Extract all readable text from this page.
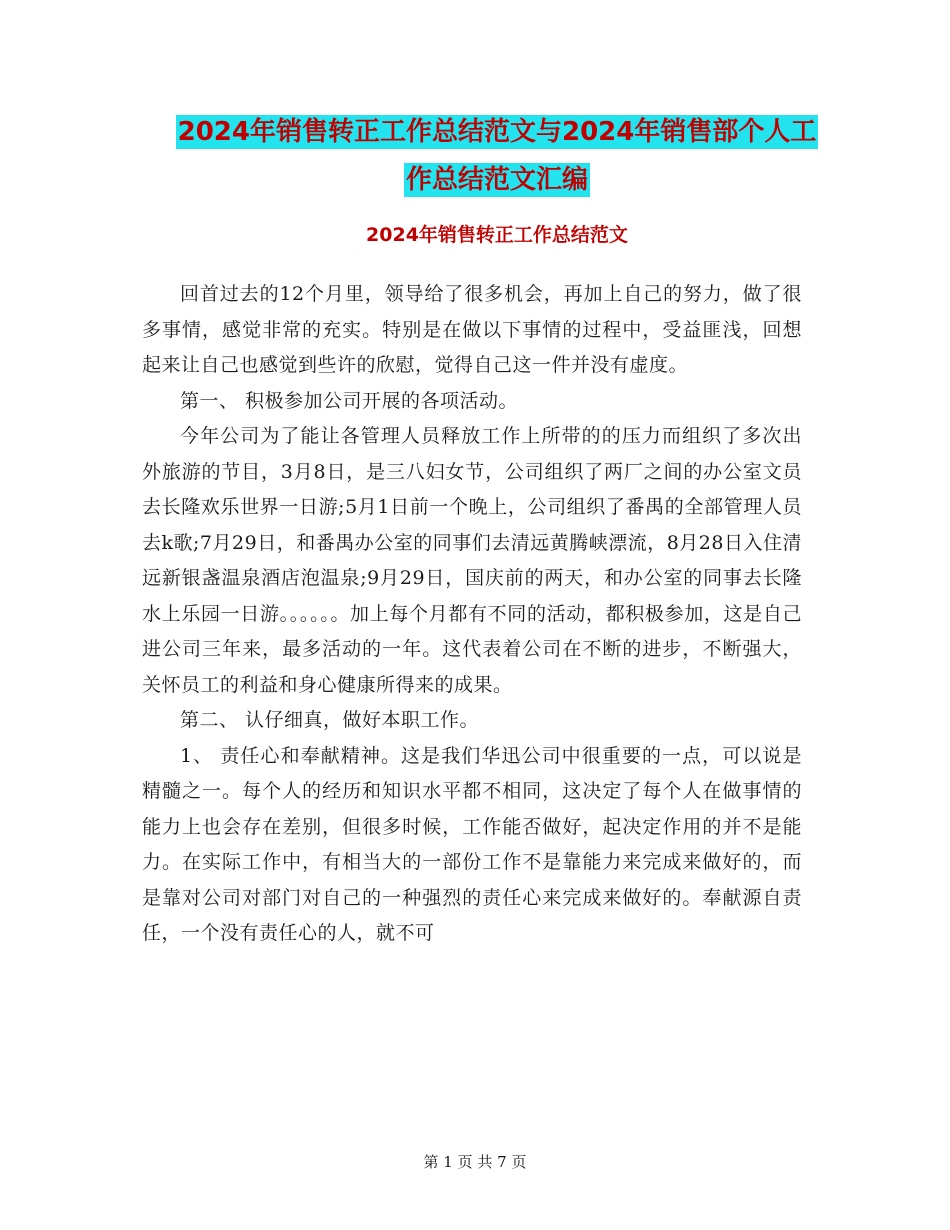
2024年销售转正工作总结范文与2024年销售部个人工
作总结范文汇编
2024年销售转正工作总结范文

回首过去的12个月里，领导给了很多机会，再加上自己的努力，做了很多事情，感觉非常的充实。特别是在做以下事情的过程中，受益匪浅，回想起来让自己也感觉到些许的欣慰，觉得自己这一件并没有虚度。

第一、 积极参加公司开展的各项活动。

今年公司为了能让各管理人员释放工作上所带的的压力而组织了多次出外旅游的节目，3月8日，是三八妇女节，公司组织了两厂之间的办公室文员去长隆欢乐世界一日游;5月1日前一个晚上，公司组织了番禺的全部管理人员去k歌;7月29日，和番禺办公室的同事们去清远黄腾峡漂流，8月28日入住清远新银盏温泉酒店泡温泉;9月29日，国庆前的两天，和办公室的同事去长隆水上乐园一日游。。。。。。加上每个月都有不同的活动，都积极参加，这是自己进公司三年来，最多活动的一年。这代表着公司在不断的进步，不断强大，关怀员工的利益和身心健康所得来的成果。

第二、 认仔细真，做好本职工作。

1、 责任心和奉献精神。这是我们华迅公司中很重要的一点，可以说是精髓之一。每个人的经历和知识水平都不相同，这决定了每个人在做事情的能力上也会存在差别，但很多时候，工作能否做好，起决定作用的并不是能力。在实际工作中，有相当大的一部份工作不是靠能力来完成来做好的，而是靠对公司对部门对自己的一种强烈的责任心来完成来做好的。奉献源自责任，一个没有责任心的人，就不可

第 1 页 共 7 页
